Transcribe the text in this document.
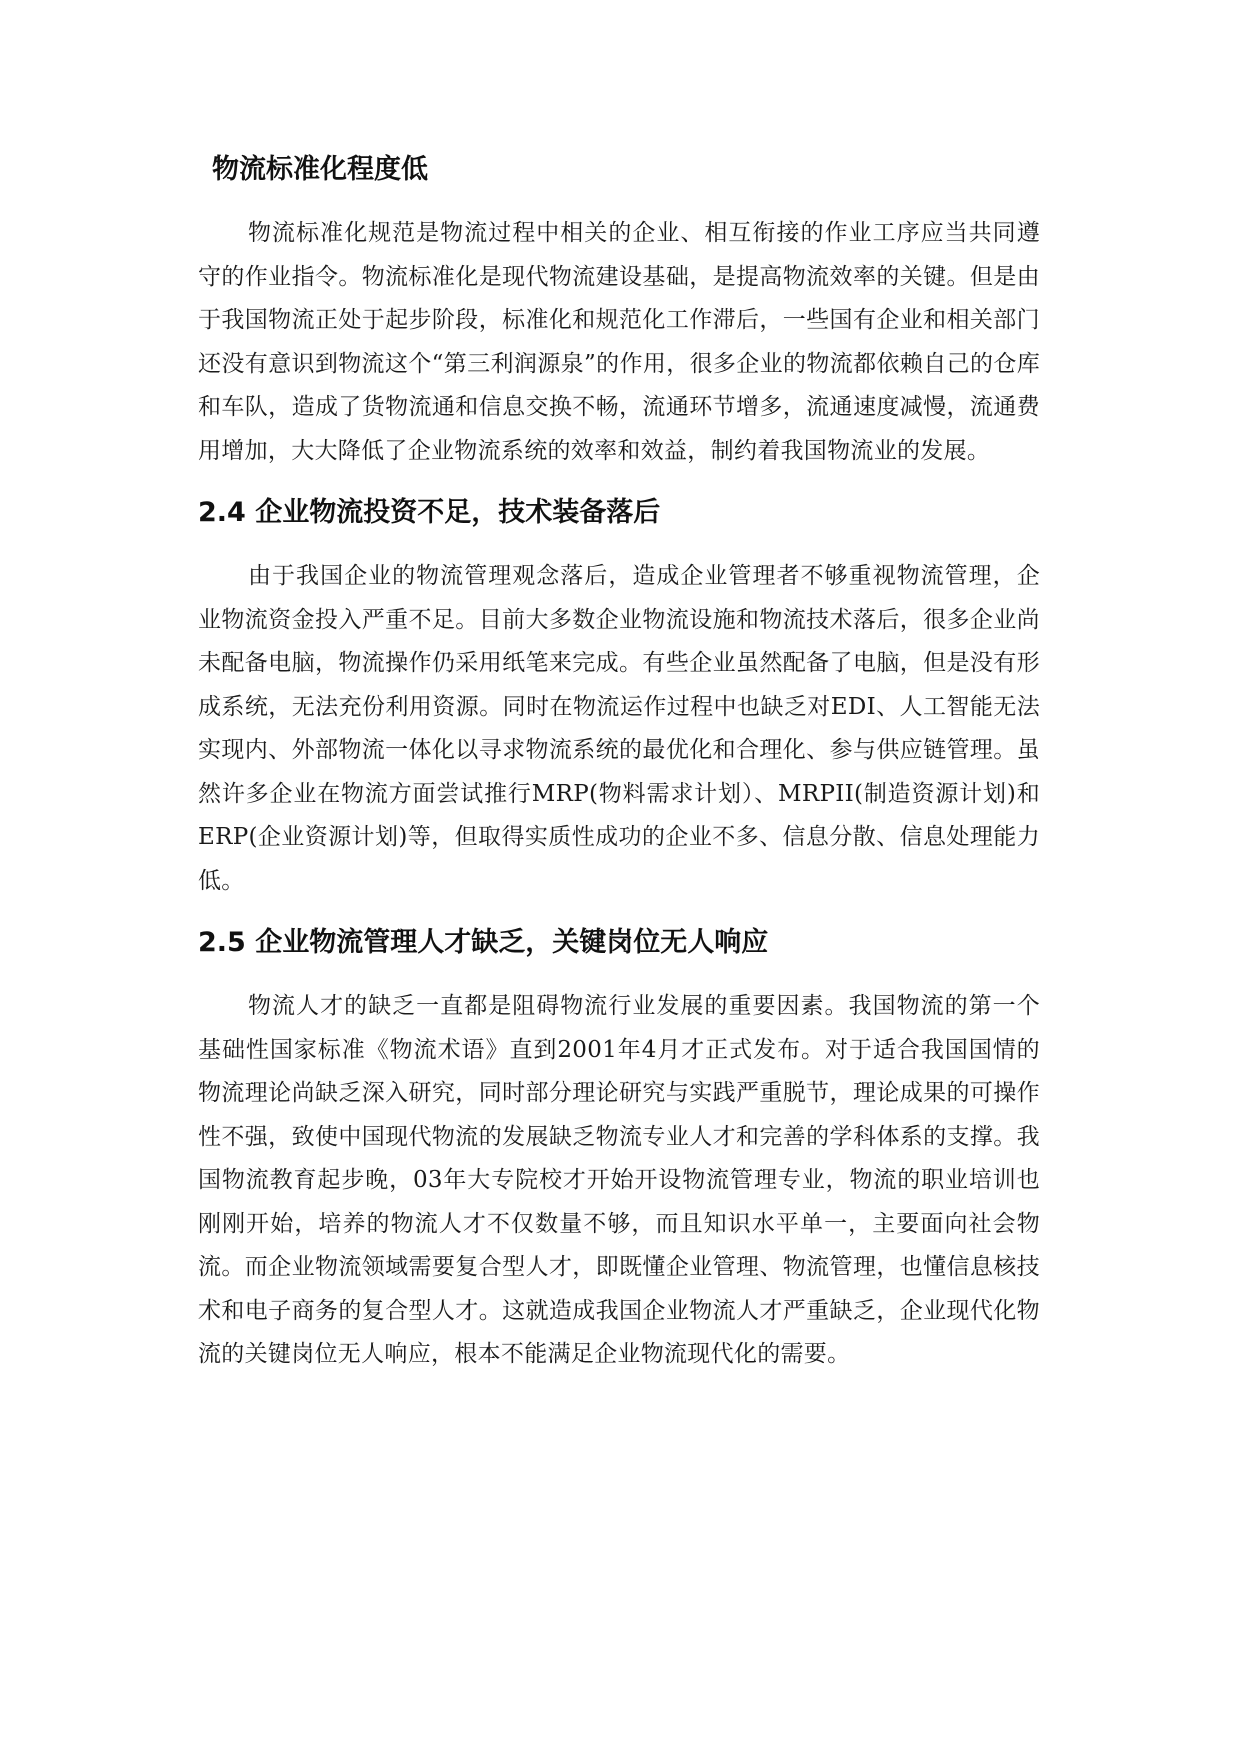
物流标准化程度低

物流标准化规范是物流过程中相关的企业、相互衔接的作业工序应当共同遵守的作业指令。物流标准化是现代物流建设基础，是提高物流效率的关键。但是由于我国物流正处于起步阶段，标准化和规范化工作滞后，一些国有企业和相关部门还没有意识到物流这个“第三利润源泉”的作用，很多企业的物流都依赖自己的仓库和车队，造成了货物流通和信息交换不畅，流通环节增多，流通速度减慢，流通费用增加，大大降低了企业物流系统的效率和效益，制约着我国物流业的发展。

2.4 企业物流投资不足，技术装备落后

由于我国企业的物流管理观念落后，造成企业管理者不够重视物流管理，企业物流资金投入严重不足。目前大多数企业物流设施和物流技术落后，很多企业尚未配备电脑，物流操作仍采用纸笔来完成。有些企业虽然配备了电脑，但是没有形成系统，无法充份利用资源。同时在物流运作过程中也缺乏对EDI、人工智能无法实现内、外部物流一体化以寻求物流系统的最优化和合理化、参与供应链管理。虽然许多企业在物流方面尝试推行MRP(物料需求计划）、MRPII(制造资源计划)和ERP(企业资源计划)等，但取得实质性成功的企业不多、信息分散、信息处理能力低。

2.5 企业物流管理人才缺乏，关键岗位无人响应

物流人才的缺乏一直都是阻碍物流行业发展的重要因素。我国物流的第一个基础性国家标准《物流术语》直到2001年4月才正式发布。对于适合我国国情的物流理论尚缺乏深入研究，同时部分理论研究与实践严重脱节，理论成果的可操作性不强，致使中国现代物流的发展缺乏物流专业人才和完善的学科体系的支撑。我国物流教育起步晚，03年大专院校才开始开设物流管理专业，物流的职业培训也刚刚开始，培养的物流人才不仅数量不够，而且知识水平单一，主要面向社会物流。而企业物流领域需要复合型人才，即既懂企业管理、物流管理，也懂信息核技术和电子商务的复合型人才。这就造成我国企业物流人才严重缺乏，企业现代化物流的关键岗位无人响应，根本不能满足企业物流现代化的需要。
